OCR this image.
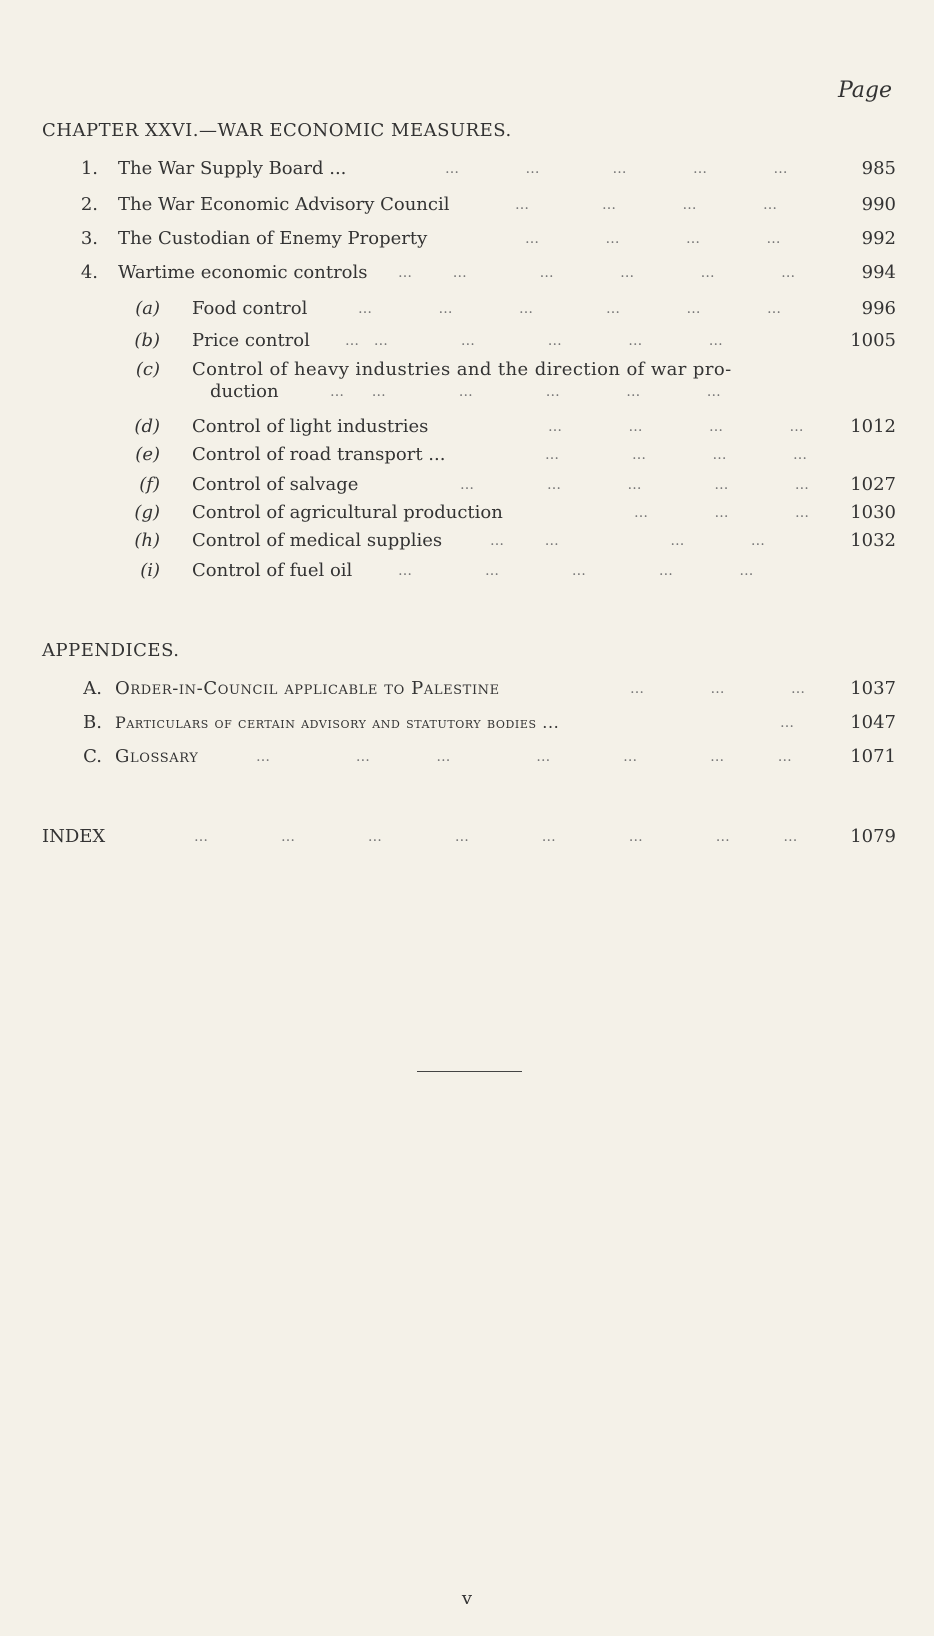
Page
CHAPTER XXVI.—WAR ECONOMIC MEASURES.
1. The War Supply Board ...	…          …           …          …          …	985
2. The War Economic Advisory Council	…           …          …          …	990
3. The Custodian of Enemy Property	…          …          …          …	992
4. Wartime economic controls …      …           …          …          …          …	994
(a) Food control	…          …          …           …          …          …	996
(b) Price control	…  …           …           …          …          …	1005
(c) Control of heavy industries and the direction of war pro-
duction	…    …           …           …          …          …
(d) Control of light industries	…          …          …          … 1012
(e) Control of road transport ...	…           …          …          …
(f) Control of salvage	…           …          …           …          … 1027
(g) Control of agricultural production	…          …          … 1030
(h) Control of medical supplies	…      …                 …          …	1032
(i) Control of fuel oil	…           …           …           …          …
APPENDICES.
A. Order-in-Council applicable to Palestine	…          …          … 1037
B. Particulars of certain advisory and statutory bodies ...	…	1047
C. Glossary	…             …          …             …           …           …        …	1071
INDEX	…           …           …           …           …           …           …        …	1079
v
